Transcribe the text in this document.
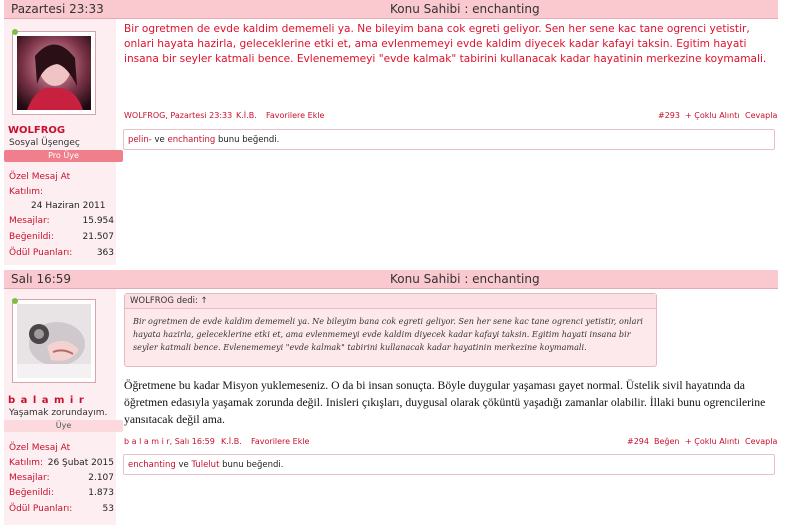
Pazartesi 23:33	Konu Sahibi : enchanting
WOLFROG
Sosyal Üşengeç
Pro Üye
Özel Mesaj At
Katılım:
24 Haziran 2011
Mesajlar:	15.954
Beğenildi:	21.507
Ödül Puanları:	363
Bir ogretmen de evde kaldim dememeli ya. Ne bileyim bana cok egreti geliyor. Sen her sene kac tane ogrenci yetistir, onlari hayata hazirla, geleceklerine etki et, ama evlenmemeyi evde kaldim diyecek kadar kafayi taksin. Egitim hayati insana bir seyler katmali bence. Evlenememeyi "evde kalmak" tabirini kullanacak kadar hayatinin merkezine koymamali.
WOLFROG, Pazartesi 23:33 K.İ.B. Favorilere Ekle	#293 + Çoklu Alıntı Cevapla
pelin- ve enchanting bunu beğendi.
Salı 16:59	Konu Sahibi : enchanting
b a l a m i r
Yaşamak zorundayım.
Üye
Özel Mesaj At
Katılım: 26 Şubat 2015
Mesajlar:	2.107
Beğenildi:	1.873
Ödül Puanları:	53
WOLFROG dedi: ↑
Bir ogretmen de evde kaldim dememeli ya. Ne bileyim bana cok egreti geliyor. Sen her sene kac tane ogrenci yetistir, onlari hayata hazirla, geleceklerine etki et, ama evlenmemeyi evde kaldim diyecek kadar kafayi taksin. Egitim hayati insana bir seyler katmali bence. Evlenememeyi "evde kalmak" tabirini kullanacak kadar hayatinin merkezine koymamali.
Öğretmene bu kadar Misyon yuklemeseniz. O da bi insan sonuçta. Böyle duygular yaşaması gayet normal. Üstelik sivil hayatında da öğretmen edasıyla yaşamak zorunda değil. Inisleri çıkışları, duygusal olarak çöküntü yaşadığı zamanlar olabilir. İllaki bunu ogrencilerine yansıtacak değil ama.
b a l a m i r, Salı 16:59 K.İ.B. Favorilere Ekle	#294 Beğen + Çoklu Alıntı Cevapla
enchanting ve Tulelut bunu beğendi.
